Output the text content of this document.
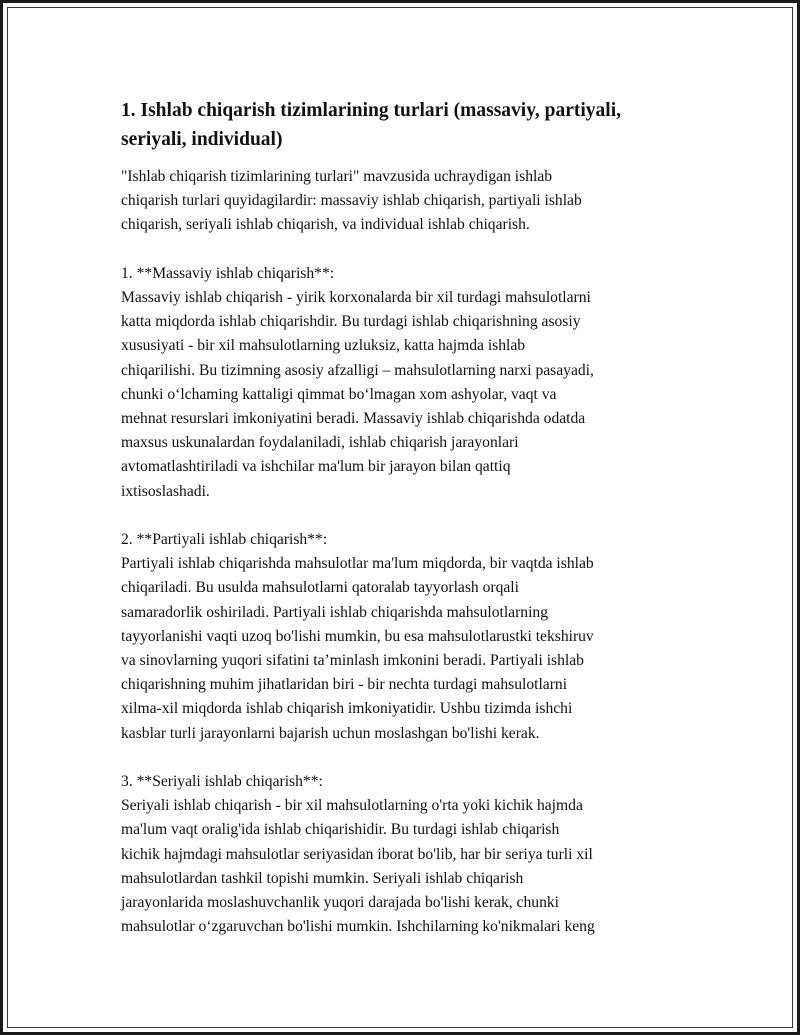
1. Ishlab chiqarish tizimlarining turlari (massaviy, partiyali,
seriyali, individual)

"Ishlab chiqarish tizimlarining turlari" mavzusida uchraydigan ishlab
chiqarish turlari quyidagilardir: massaviy ishlab chiqarish, partiyali ishlab
chiqarish, seriyali ishlab chiqarish, va individual ishlab chiqarish.

1. **Massaviy ishlab chiqarish**:
Massaviy ishlab chiqarish - yirik korxonalarda bir xil turdagi mahsulotlarni
katta miqdorda ishlab chiqarishdir. Bu turdagi ishlab chiqarishning asosiy
xususiyati - bir xil mahsulotlarning uzluksiz, katta hajmda ishlab
chiqarilishi. Bu tizimning asosiy afzalligi – mahsulotlarning narxi pasayadi,
chunki o‘lchaming kattaligi qimmat bo‘lmagan xom ashyolar, vaqt va
mehnat resurslari imkoniyatini beradi. Massaviy ishlab chiqarishda odatda
maxsus uskunalardan foydalaniladi, ishlab chiqarish jarayonlari
avtomatlashtiriladi va ishchilar ma'lum bir jarayon bilan qattiq
ixtisoslashadi.

2. **Partiyali ishlab chiqarish**:
Partiyali ishlab chiqarishda mahsulotlar ma'lum miqdorda, bir vaqtda ishlab
chiqariladi. Bu usulda mahsulotlarni qatoralab tayyorlash orqali
samaradorlik oshiriladi. Partiyali ishlab chiqarishda mahsulotlarning
tayyorlanishi vaqti uzoq bo'lishi mumkin, bu esa mahsulotlarustki tekshiruv
va sinovlarning yuqori sifatini ta’minlash imkonini beradi. Partiyali ishlab
chiqarishning muhim jihatlaridan biri - bir nechta turdagi mahsulotlarni
xilma-xil miqdorda ishlab chiqarish imkoniyatidir. Ushbu tizimda ishchi
kasblar turli jarayonlarni bajarish uchun moslashgan bo'lishi kerak.

3. **Seriyali ishlab chiqarish**:
Seriyali ishlab chiqarish - bir xil mahsulotlarning o'rta yoki kichik hajmda
ma'lum vaqt oralig'ida ishlab chiqarishidir. Bu turdagi ishlab chiqarish
kichik hajmdagi mahsulotlar seriyasidan iborat bo'lib, har bir seriya turli xil
mahsulotlardan tashkil topishi mumkin. Seriyali ishlab chiqarish
jarayonlarida moslashuvchanlik yuqori darajada bo'lishi kerak, chunki
mahsulotlar o‘zgaruvchan bo'lishi mumkin. Ishchilarning ko'nikmalari keng
